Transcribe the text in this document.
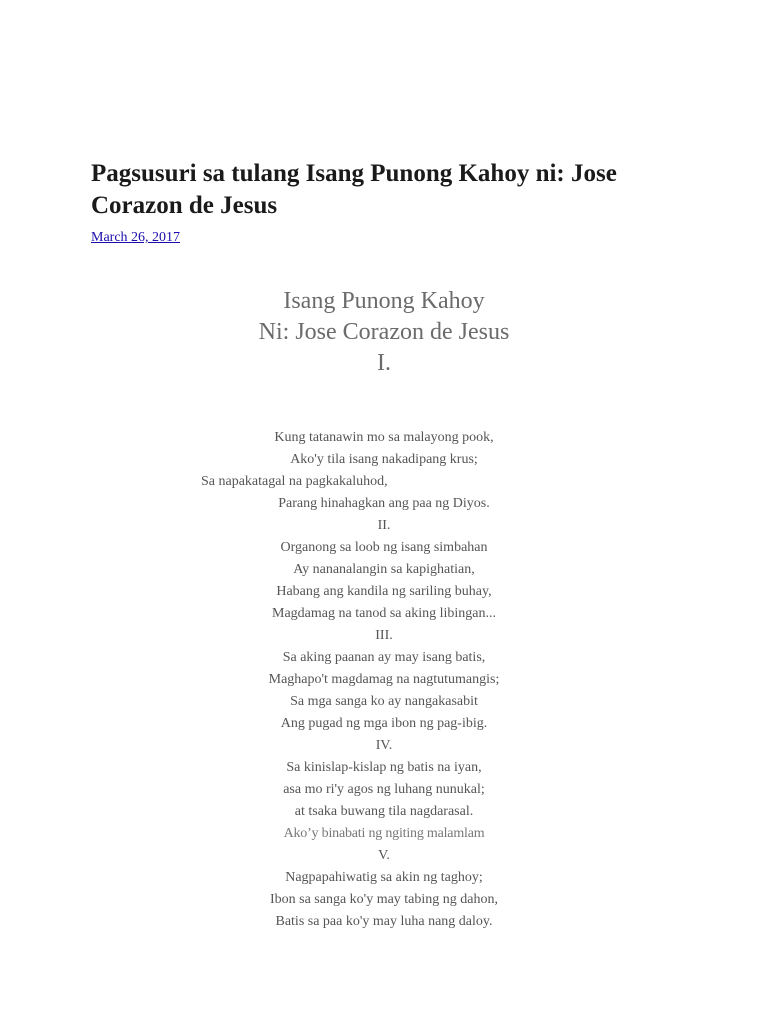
Pagsusuri sa tulang Isang Punong Kahoy ni: Jose Corazon de Jesus
March 26, 2017
Isang Punong Kahoy
Ni: Jose Corazon de Jesus
I.
Kung tatanawin mo sa malayong pook,
Ako'y tila isang nakadipang krus;
Sa napakatagal na pagkakaluhod,
Parang hinahagkan ang paa ng Diyos.
II.
Organong sa loob ng isang simbahan
Ay nananalangin sa kapighatian,
Habang ang kandila ng sariling buhay,
Magdamag na tanod sa aking libingan...
III.
Sa aking paanan ay may isang batis,
Maghapo't magdamag na nagtutumangis;
Sa mga sanga ko ay nangakasabit
Ang pugad ng mga ibon ng pag-ibig.
IV.
Sa kinislap-kislap ng batis na iyan,
asa mo ri'y agos ng luhang nunukal;
at tsaka buwang tila nagdarasal.
Ako’y binabati ng ngiting malamlam
V.
Nagpapahiwatig sa akin ng taghoy;
Ibon sa sanga ko'y may tabing ng dahon,
Batis sa paa ko'y may luha nang daloy.
